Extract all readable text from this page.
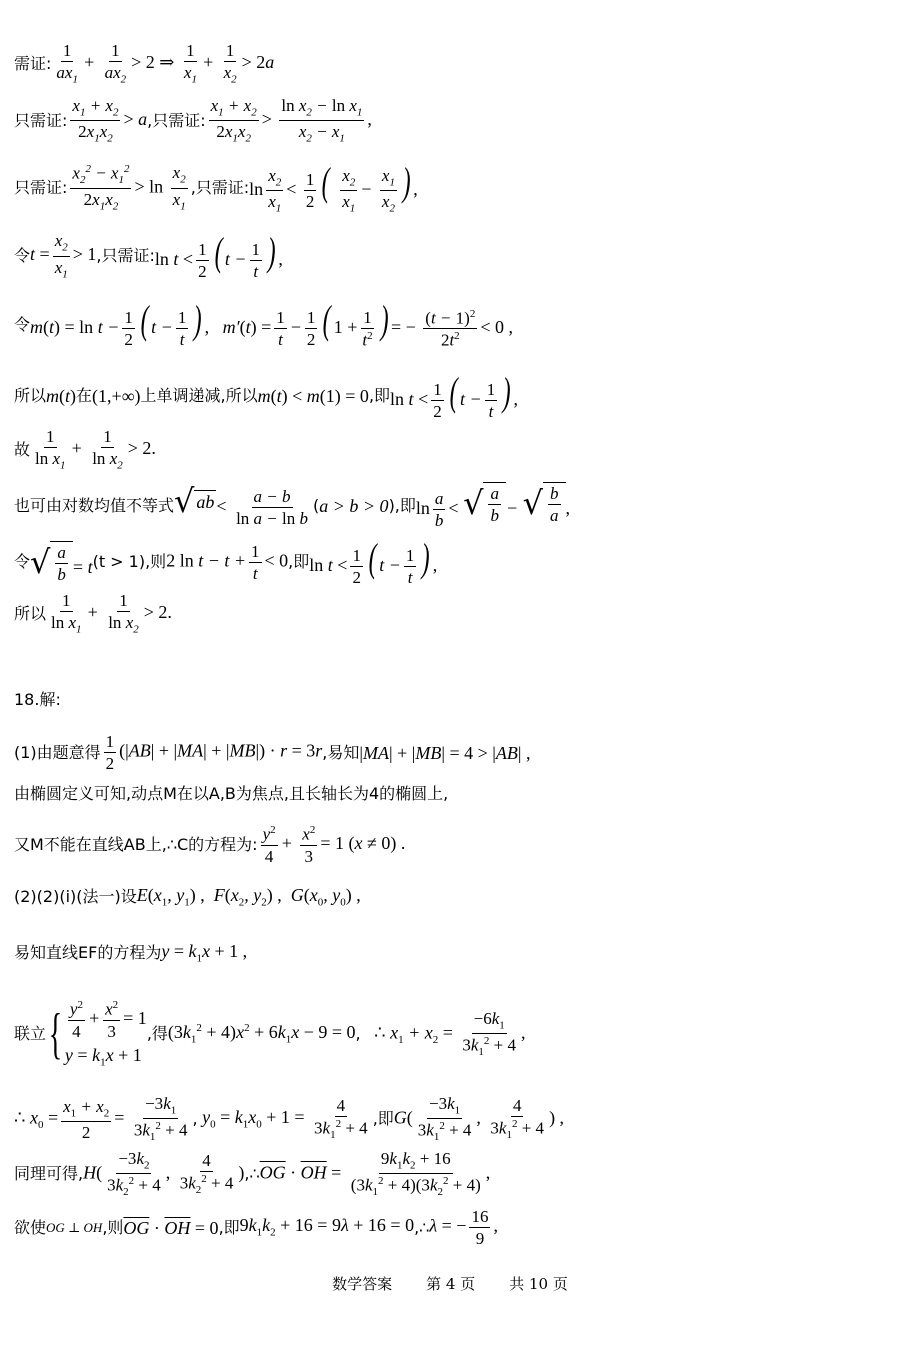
需证: $\frac{1}{ax_1} + \frac{1}{ax_2} > 2$ ⇒ $\frac{1}{x_1} + \frac{1}{x_2} > 2a$
只需证: $\frac{x_1 + x_2}{2x_1x_2} > a$ ,只需证: $\frac{x_1 + x_2}{2x_1x_2} > \frac{\ln x_2 - \ln x_1}{x_2 - x_1}$ ,
只需证: $\frac{x_2^2 - x_1^2}{2x_1x_2} > \ln \frac{x_2}{x_1}$ ,只需证: $\ln \frac{x_2}{x_1} < \frac{1}{2}$ ( $\frac{x_2}{x_1} - \frac{x_1}{x_2}$ ) ,
令 $t = \frac{x_2}{x_1} > 1$ ,只需证: $\ln t < \frac{1}{2}$ ( $t - \frac{1}{t}$ ) ,
令 $m(t) = \ln t - \frac{1}{2}$ ( $t - \frac{1}{t}$ ) ,   $m'(t) = \frac{1}{t} - \frac{1}{2}$ ( $1 + \frac{1}{t^2}$ ) = − $\frac{(t - 1)^2}{2t^2} < 0$ ,
所以 m(t) 在 (1,+∞) 上单调递减,所以 m(t) < m(1) = 0 ,即 $\ln t < \frac{1}{2}$ ( $t - \frac{1}{t}$ ) ,
故 $\frac{1}{\ln x_1} + \frac{1}{\ln x_2} > 2$.
也可由对数均值不等式 √ ab < $\frac{a - b}{\text{ln a − ln b}}$ ( a > b > 0 ),即 $\ln \frac{a}{b}$ < √ $\frac{a}{b}$ − √ $\frac{b}{a}$ ,
令 √ $\frac{a}{b} = t$ (t > 1),则 2 $\ln t - t + \frac{1}{t} < 0$ ,即 $\ln t < \frac{1}{2}$ ( $t - \frac{1}{t}$ ) ,
所以 $\frac{1}{\ln x_1} + \frac{1}{\ln x_2} > 2$.
18.解:
(1)由题意得 $\frac{1}{2} (|AB| + |MA| + |MB|) \cdot r = 3r$ ,易知 |MA| + |MB| = 4 > |AB| ,
由椭圆定义可知,动点M在以A,B为焦点,且长轴长为4的椭圆上,
又M不能在直线AB上,∴C的方程为: $\frac{y^2}{4} + \frac{x^2}{3} = 1$ (x ≠ 0) .
(2)(2)(i)(法一)设 $E(x_1$, $y_1$) ,  $F(x_2$, $y_2$) ,  $G(x_0$, $y_0$) ,
易知直线EF的方程为 $y = k_1x + 1$ ,
联立 { $\frac{y^2}{4} + \frac{x^2}{3} = 1$
$y = k_1x + 1$
,得 $(3k_1^2 + 4)x^2 + 6k_1x - 9 = 0$ , ∴ $x_1 + x_2 = \frac{-6k_1}{3k_1^2 + 4}$ ,
∴ $x_0 = \frac{x_1 + x_2}{2} = \frac{-3k_1}{3k_1^2 + 4}$ , $y_0 = k_1x_0 + 1 = \frac{4}{3k_1^2 + 4}$ ,即 $G( \frac{-3k_1}{3k_1^2 + 4}$ , $\frac{4}{3k_1^2 + 4}$ ) ,
同理可得, $H( \frac{-3k_2}{3k_2^2 + 4}$ , $\frac{4}{3k_2^2 + 4}$ ) ,∴ $\overline{OG} \cdot \overline{OH} = \frac{9k_1k_2 + 16}{(3k_1^2 + 4)(3k_2^2 + 4)}$ ,
欲使 OG ⊥ OH ,则 $\overline{OG} \cdot \overline{OH} = 0$ ,即 $9k_1k_2 + 16 = 9\lambda + 16 = 0$ ,∴ λ = − $\frac{16}{9}$ ,
数学答案 第 4 页 共 10 页
